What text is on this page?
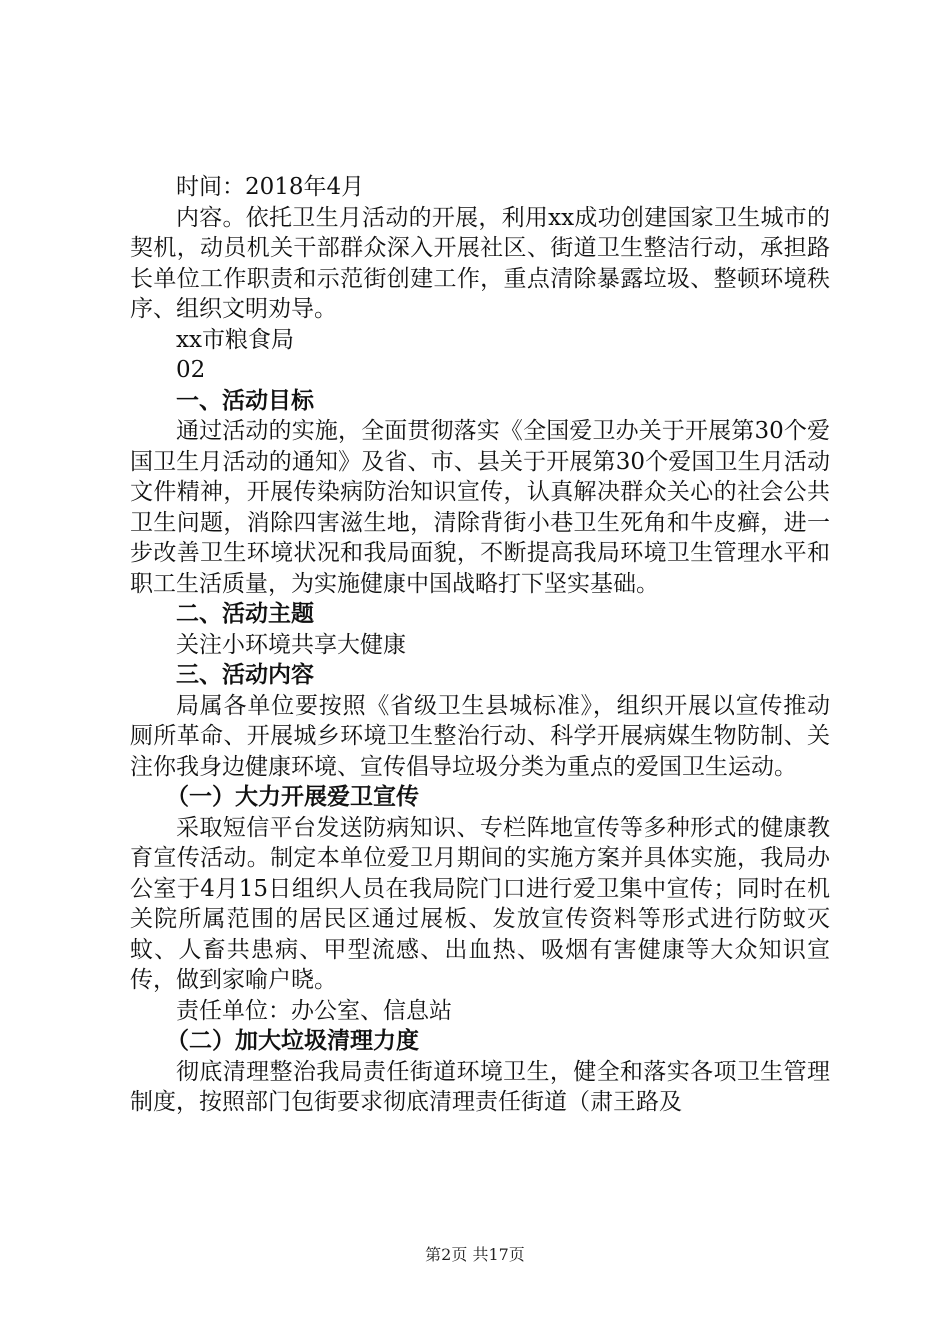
时间：2018年4月

内容。依托卫生月活动的开展，利用xx成功创建国家卫生城市的契机，动员机关干部群众深入开展社区、街道卫生整洁行动，承担路长单位工作职责和示范街创建工作，重点清除暴露垃圾、整顿环境秩序、组织文明劝导。

xx市粮食局
02
一、活动目标

通过活动的实施，全面贯彻落实《全国爱卫办关于开展第30个爱国卫生月活动的通知》及省、市、县关于开展第30个爱国卫生月活动文件精神，开展传染病防治知识宣传，认真解决群众关心的社会公共卫生问题，消除四害滋生地，清除背街小巷卫生死角和牛皮癣，进一步改善卫生环境状况和我局面貌，不断提高我局环境卫生管理水平和职工生活质量，为实施健康中国战略打下坚实基础。

二、活动主题
关注小环境共享大健康
三、活动内容

局属各单位要按照《省级卫生县城标准》，组织开展以宣传推动厕所革命、开展城乡环境卫生整治行动、科学开展病媒生物防制、关注你我身边健康环境、宣传倡导垃圾分类为重点的爱国卫生运动。

（一）大力开展爱卫宣传

采取短信平台发送防病知识、专栏阵地宣传等多种形式的健康教育宣传活动。制定本单位爱卫月期间的实施方案并具体实施，我局办公室于4月15日组织人员在我局院门口进行爱卫集中宣传；同时在机关院所属范围的居民区通过展板、发放宣传资料等形式进行防蚊灭蚊、人畜共患病、甲型流感、出血热、吸烟有害健康等大众知识宣传，做到家喻户晓。

责任单位：办公室、信息站
（二）加大垃圾清理力度

彻底清理整治我局责任街道环境卫生，健全和落实各项卫生管理制度，按照部门包街要求彻底清理责任街道（肃王路及

第2页 共17页
